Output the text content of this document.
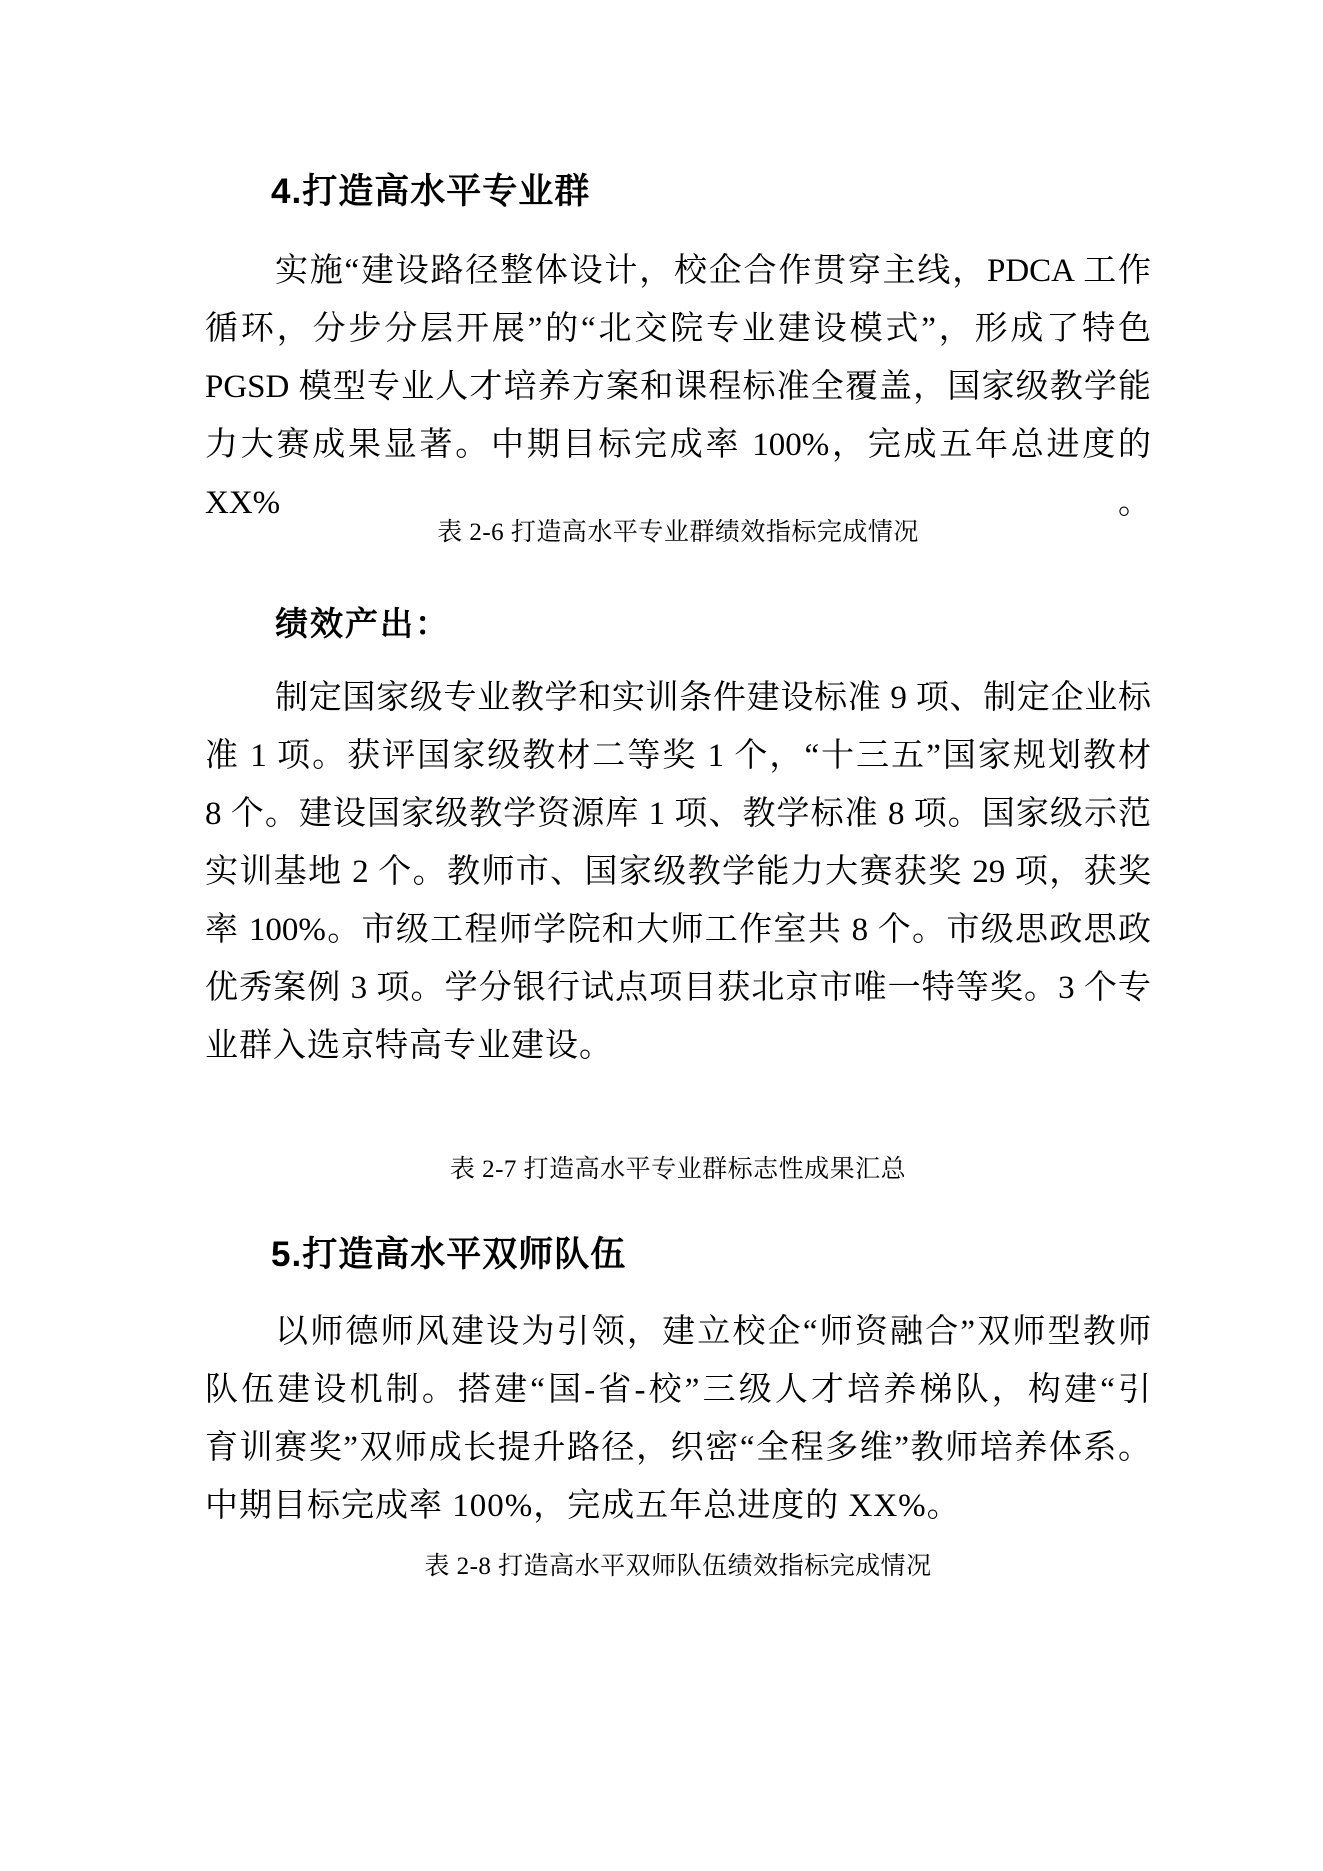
4.打造高水平专业群
实施“建设路径整体设计，校企合作贯穿主线，PDCA 工作
循环，分步分层开展”的“北交院专业建设模式”，形成了特色
PGSD 模型专业人才培养方案和课程标准全覆盖，国家级教学能
力大赛成果显著。中期目标完成率 100%，完成五年总进度的 XX%。
表 2-6 打造高水平专业群绩效指标完成情况
绩效产出：
制定国家级专业教学和实训条件建设标准 9 项、制定企业标
准 1 项。获评国家级教材二等奖 1 个，“十三五”国家规划教材
8 个。建设国家级教学资源库 1 项、教学标准 8 项。国家级示范
实训基地 2 个。教师市、国家级教学能力大赛获奖 29 项，获奖
率 100%。市级工程师学院和大师工作室共 8 个。市级思政思政
优秀案例 3 项。学分银行试点项目获北京市唯一特等奖。3 个专
业群入选京特高专业建设。
表 2-7 打造高水平专业群标志性成果汇总
5.打造高水平双师队伍
以师德师风建设为引领，建立校企“师资融合”双师型教师
队伍建设机制。搭建“国-省-校”三级人才培养梯队，构建“引
育训赛奖”双师成长提升路径，织密“全程多维”教师培养体系。
中期目标完成率 100%，完成五年总进度的 XX%。
表 2-8 打造高水平双师队伍绩效指标完成情况
